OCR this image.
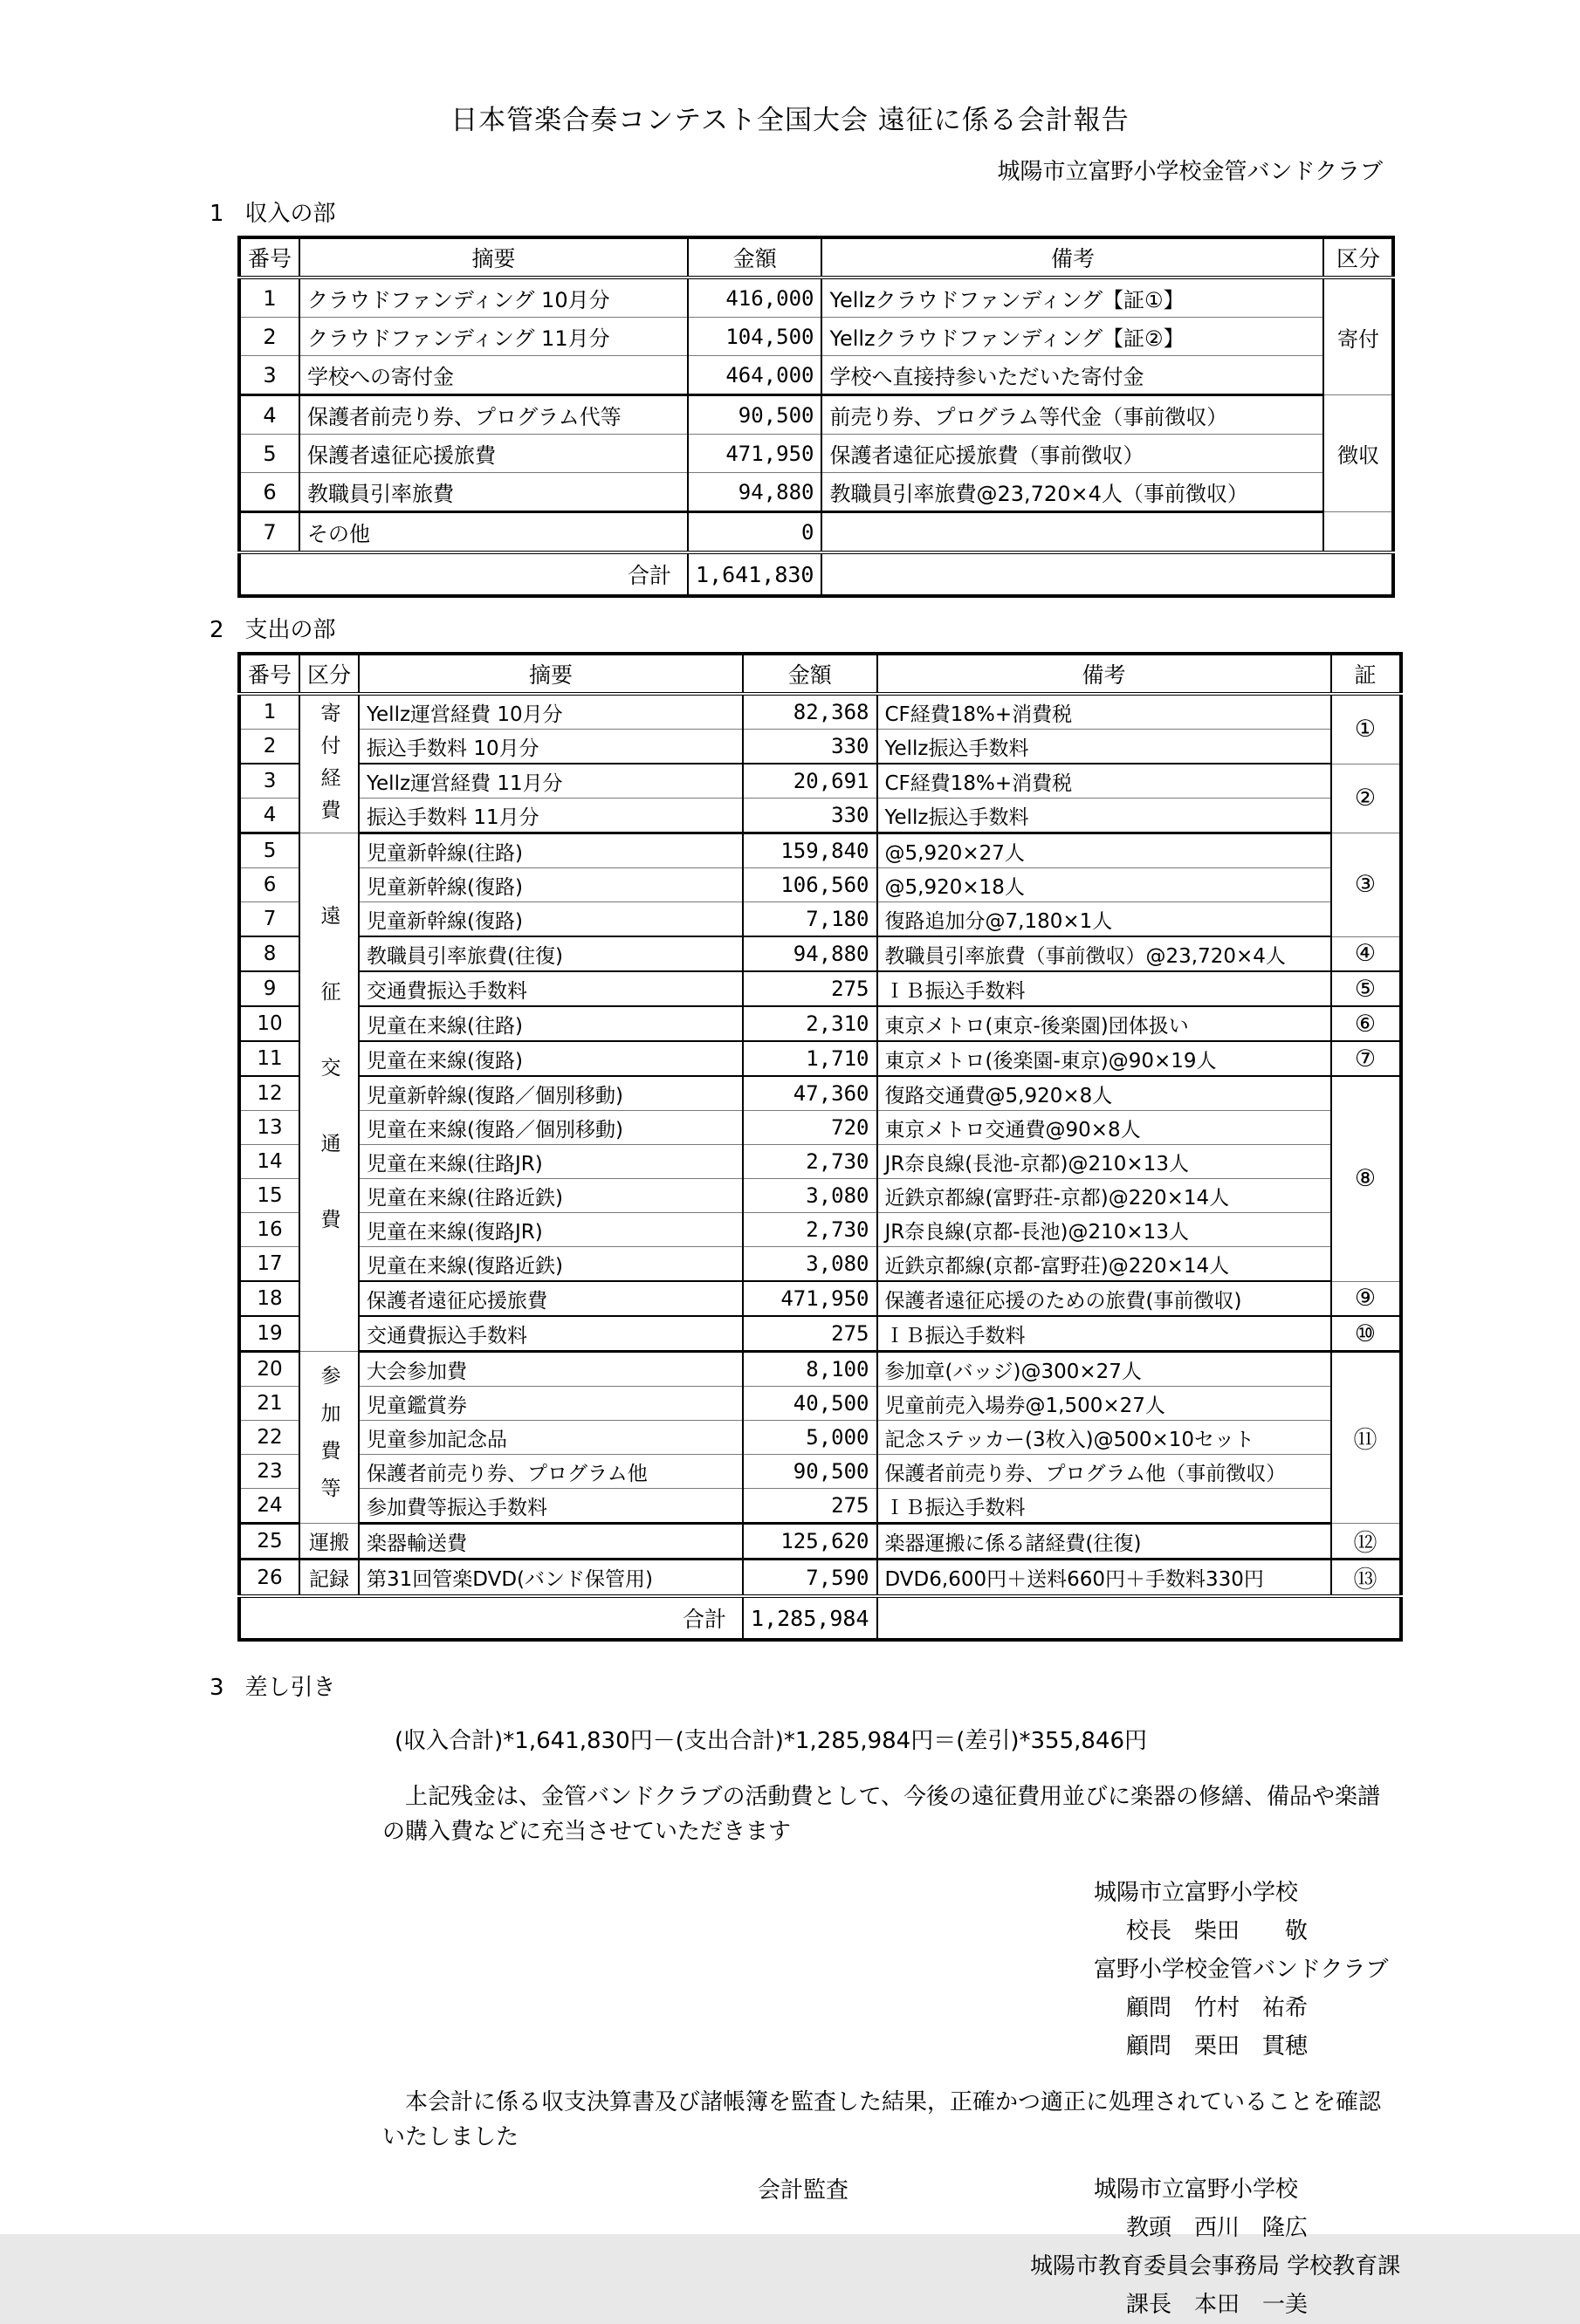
日本管楽合奏コンテスト全国大会 遠征に係る会計報告
城陽市立富野小学校金管バンドクラブ
1 収入の部
番号	摘要	金額	備考	区分
1	クラウドファンディング 10月分	416,000	Yellzクラウドファンディング【証①】	寄付
2	クラウドファンディング 11月分	104,500	Yellzクラウドファンディング【証②】	
3	学校への寄付金	464,000	学校へ直接持参いただいた寄付金	
4	保護者前売り券、プログラム代等	90,500	前売り券、プログラム等代金（事前徴収）	徴収
5	保護者遠征応援旅費	471,950	保護者遠征応援旅費（事前徴収）	
6	教職員引率旅費	94,880	教職員引率旅費@23,720×4人（事前徴収）	
7	その他	0		
合計		1,641,830		
2 支出の部
番号	区分	摘要	金額	備考	証
1	寄付経費	Yellz運営経費 10月分	82,368	CF経費18%+消費税	①
2		振込手数料 10月分	330	Yellz振込手数料	
3		Yellz運営経費 11月分	20,691	CF経費18%+消費税	②
4		振込手数料 11月分	330	Yellz振込手数料	
5	遠征交通費	児童新幹線(往路)	159,840	@5,920×27人	③
6		児童新幹線(復路)	106,560	@5,920×18人	
7		児童新幹線(復路)	7,180	復路追加分@7,180×1人	
8		教職員引率旅費(往復)	94,880	教職員引率旅費（事前徴収）@23,720×4人	④
9		交通費振込手数料	275	ＩＢ振込手数料	⑤
10		児童在来線(往路)	2,310	東京メトロ(東京-後楽園)団体扱い	⑥
11		児童在来線(復路)	1,710	東京メトロ(後楽園-東京)@90×19人	⑦
12		児童新幹線(復路／個別移動)	47,360	復路交通費@5,920×8人	⑧
13		児童在来線(復路／個別移動)	720	東京メトロ交通費@90×8人	
14		児童在来線(往路JR)	2,730	JR奈良線(長池-京都)@210×13人	
15		児童在来線(往路近鉄)	3,080	近鉄京都線(富野荘-京都)@220×14人	
16		児童在来線(復路JR)	2,730	JR奈良線(京都-長池)@210×13人	
17		児童在来線(復路近鉄)	3,080	近鉄京都線(京都-富野荘)@220×14人	
18		保護者遠征応援旅費	471,950	保護者遠征応援のための旅費(事前徴収)	⑨
19		交通費振込手数料	275	ＩＢ振込手数料	⑩
20	参加費等	大会参加費	8,100	参加章(バッジ)@300×27人	⑪
21		児童鑑賞券	40,500	児童前売入場券@1,500×27人	
22		児童参加記念品	5,000	記念ステッカー(3枚入)@500×10セット	
23		保護者前売り券、プログラム他	90,500	保護者前売り券、プログラム他（事前徴収）	
24		参加費等振込手数料	275	ＩＢ振込手数料	
25	運搬	楽器輸送費	125,620	楽器運搬に係る諸経費(往復)	⑫
26	記録	第31回管楽DVD(バンド保管用)	7,590	DVD6,600円＋送料660円＋手数料330円	⑬
合計			1,285,984		
3 差し引き
(収入合計)*1,641,830円－(支出合計)*1,285,984円＝(差引)*355,846円
　上記残金は、金管バンドクラブの活動費として、今後の遠征費用並びに楽器の修繕、備品や楽譜
の購入費などに充当させていただきます
城陽市立富野小学校
校長　柴田　　敬
富野小学校金管バンドクラブ
顧問　竹村　祐希
顧問　栗田　貫穂
　本会計に係る収支決算書及び諸帳簿を監査した結果，正確かつ適正に処理されていることを確認
いたしました
会計監査	城陽市立富野小学校
教頭　西川　隆広
城陽市教育委員会事務局 学校教育課
課長　本田　一美
